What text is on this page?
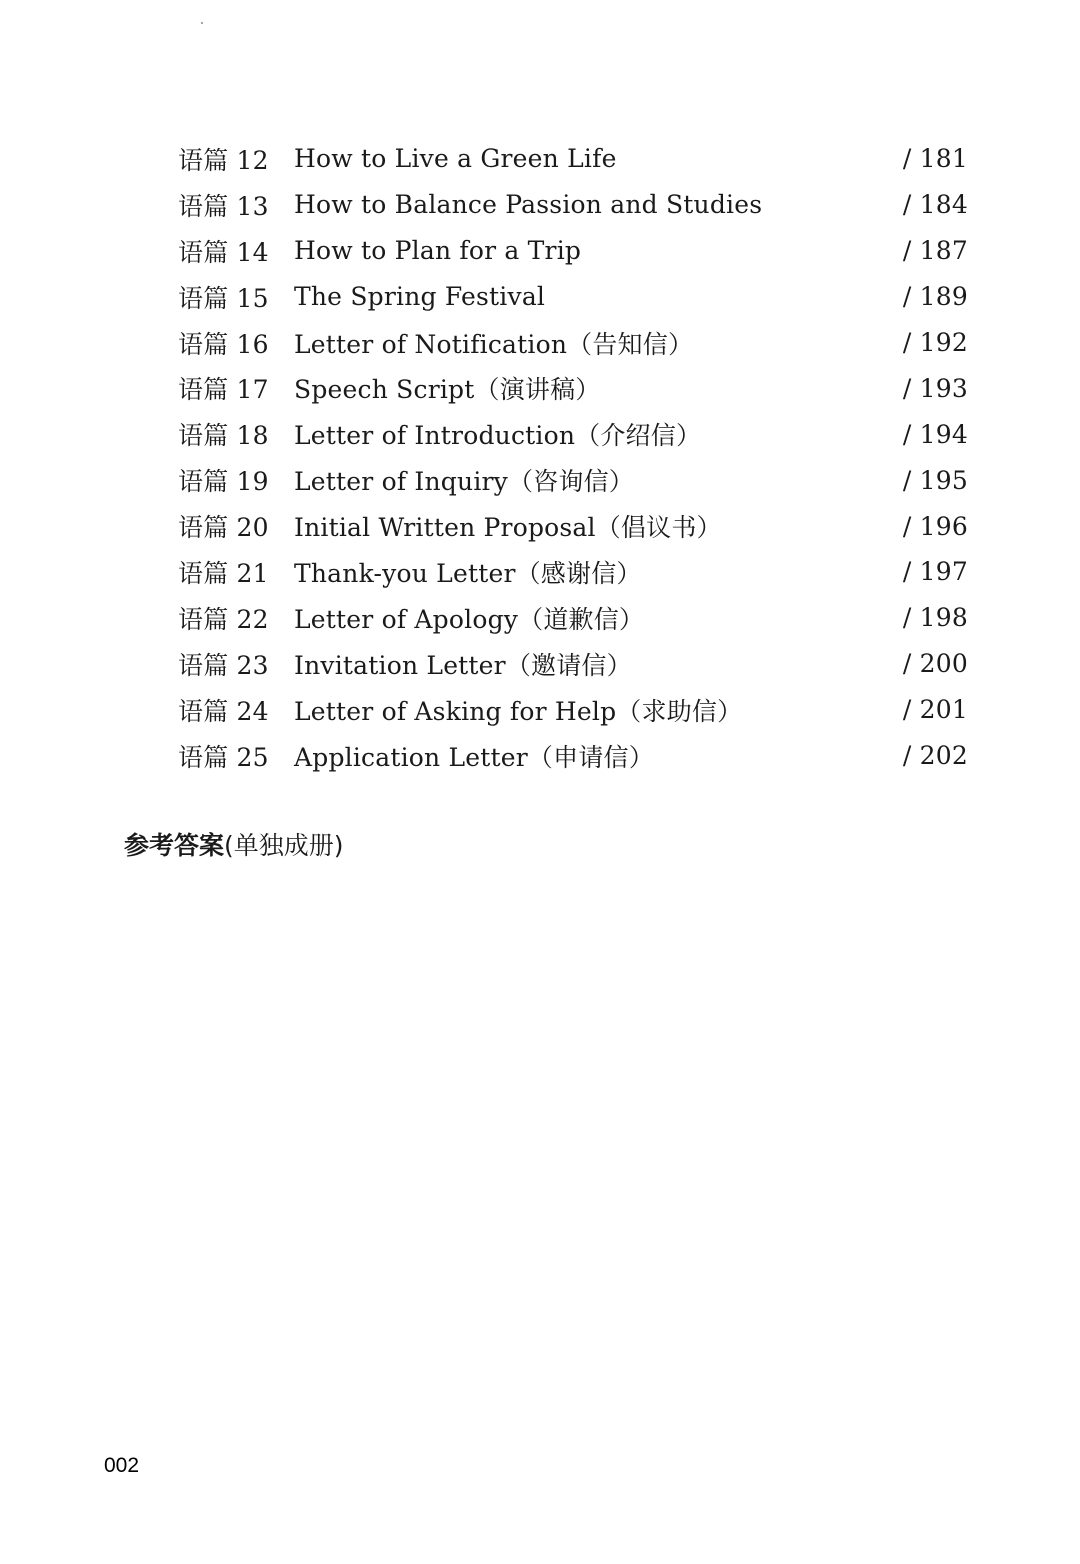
语篇 12	How to Live a Green Life	/ 181
语篇 13	How to Balance Passion and Studies	/ 184
语篇 14	How to Plan for a Trip	/ 187
语篇 15	The Spring Festival	/ 189
语篇 16	Letter of Notification（告知信）	/ 192
语篇 17	Speech Script（演讲稿）	/ 193
语篇 18	Letter of Introduction（介绍信）	/ 194
语篇 19	Letter of Inquiry（咨询信）	/ 195
语篇 20	Initial Written Proposal（倡议书）	/ 196
语篇 21	Thank-you Letter（感谢信）	/ 197
语篇 22	Letter of Apology（道歉信）	/ 198
语篇 23	Invitation Letter（邀请信）	/ 200
语篇 24	Letter of Asking for Help（求助信）	/ 201
语篇 25	Application Letter（申请信）	/ 202
参考答案(单独成册)
002
